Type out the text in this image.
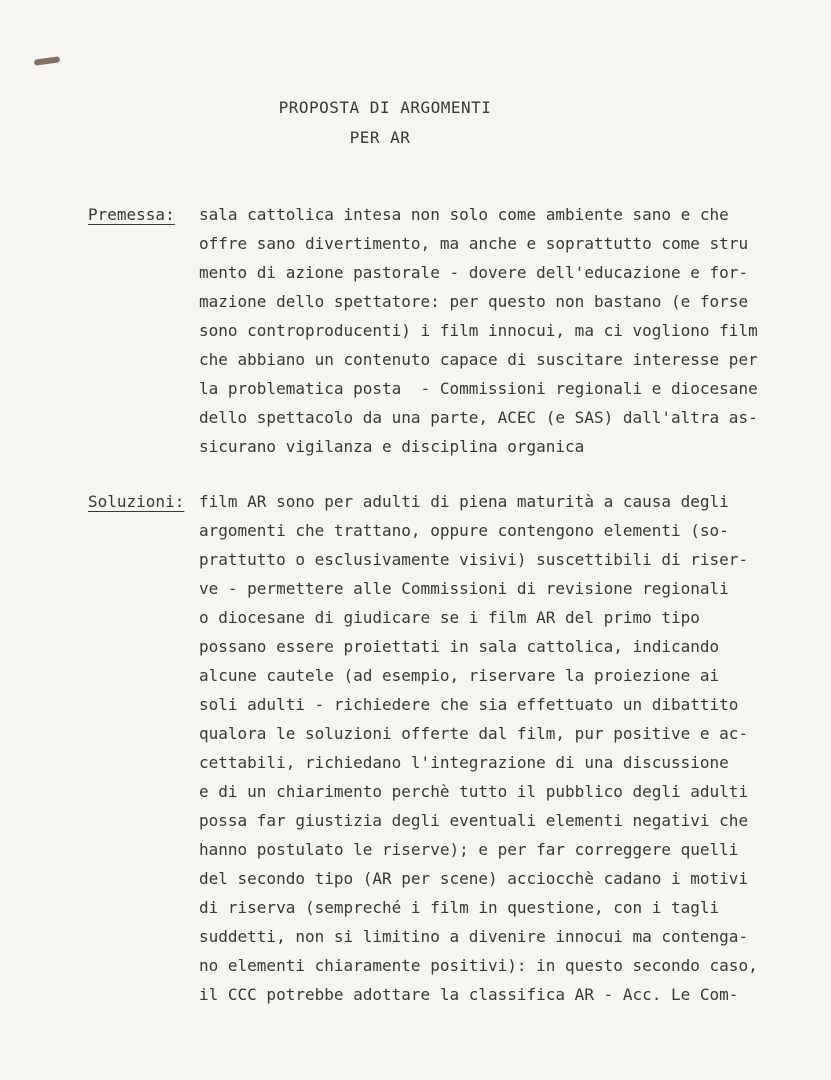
PROPOSTA DI ARGOMENTI
PER AR
Premessa: sala cattolica intesa non solo come ambiente sano e che
offre sano divertimento, ma anche e soprattutto come stru
mento di azione pastorale - dovere dell'educazione e for-
mazione dello spettatore: per questo non bastano (e forse
sono controproducenti) i film innocui, ma ci vogliono film
che abbiano un contenuto capace di suscitare interesse per
la problematica posta  - Commissioni regionali e diocesane
dello spettacolo da una parte, ACEC (e SAS) dall'altra as-
sicurano vigilanza e disciplina organica
Soluzioni: film AR sono per adulti di piena maturità a causa degli
argomenti che trattano, oppure contengono elementi (so-
prattutto o esclusivamente visivi) suscettibili di riser-
ve - permettere alle Commissioni di revisione regionali
o diocesane di giudicare se i film AR del primo tipo
possano essere proiettati in sala cattolica, indicando
alcune cautele (ad esempio, riservare la proiezione ai
soli adulti - richiedere che sia effettuato un dibattito
qualora le soluzioni offerte dal film, pur positive e ac-
cettabili, richiedano l'integrazione di una discussione
e di un chiarimento perchè tutto il pubblico degli adulti
possa far giustizia degli eventuali elementi negativi che
hanno postulato le riserve); e per far correggere quelli
del secondo tipo (AR per scene) acciocchè cadano i motivi
di riserva (sempreché i film in questione, con i tagli
suddetti, non si limitino a divenire innocui ma contenga-
no elementi chiaramente positivi): in questo secondo caso,
il CCC potrebbe adottare la classifica AR - Acc. Le Com-
